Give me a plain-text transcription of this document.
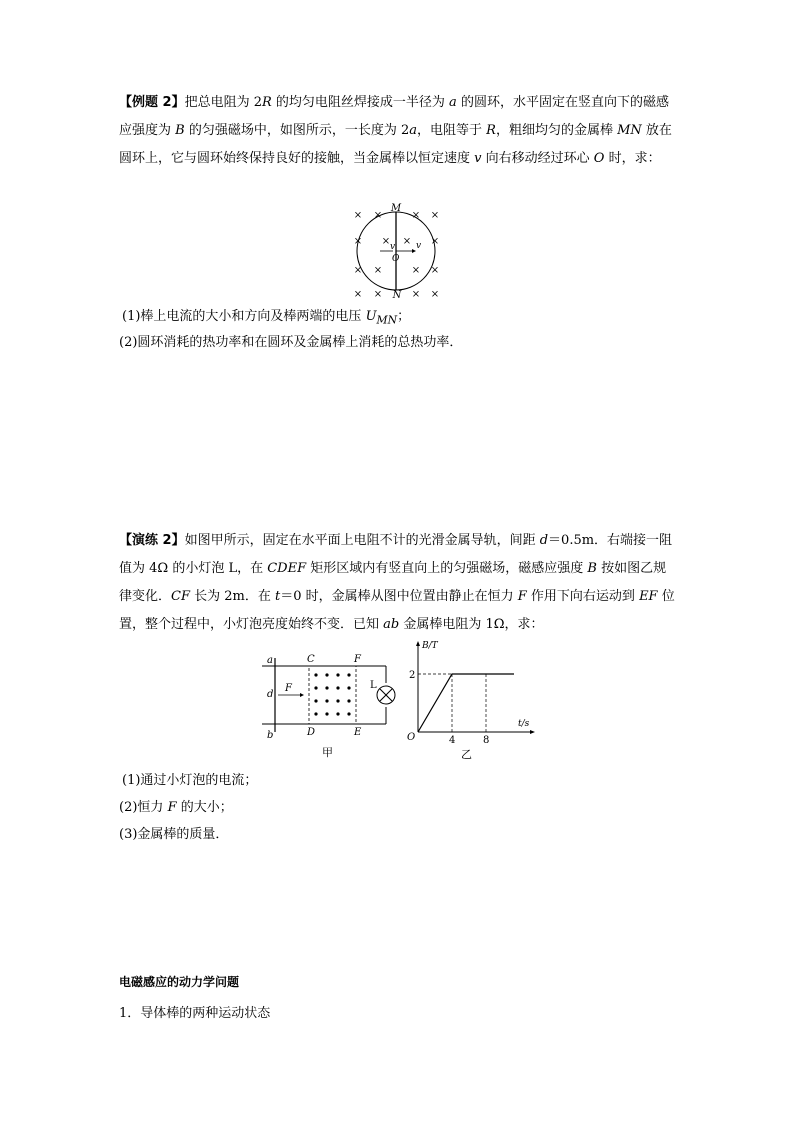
【例题 2】把总电阻为 2R 的均匀电阻丝焊接成一半径为 a 的圆环，水平固定在竖直向下的磁感应强度为 B 的匀强磁场中，如图所示，一长度为 2a，电阻等于 R，粗细均匀的金属棒 MN 放在圆环上，它与圆环始终保持良好的接触，当金属棒以恒定速度 v 向右移动经过环心 O 时，求：
× ×	× ×
×	×
×	×
× ×	× ×
×	×
× ×
M
N
O
v v
(1)棒上电流的大小和方向及棒两端的电压 $U_{MN}$；
(2)圆环消耗的热功率和在圆环及金属棒上消耗的总热功率．
【演练 2】如图甲所示，固定在水平面上电阻不计的光滑金属导轨，间距 d＝0.5m．右端接一阻值为 4Ω 的小灯泡 L，在 CDEF 矩形区域内有竖直向上的匀强磁场，磁感应强度 B 按如图乙规律变化．CF 长为 2m．在 t＝0 时，金属棒从图中位置由静止在恒力 F 作用下向右运动到 EF 位置，整个过程中，小灯泡亮度始终不变．已知 ab 金属棒电阻为 1Ω，求：
a
b
d
C	F
D	E
F	L
甲
B/T
t/s
O
2
4	8
乙
(1)通过小灯泡的电流；
(2)恒力 F 的大小；
(3)金属棒的质量．
电磁感应的动力学问题
1．导体棒的两种运动状态
